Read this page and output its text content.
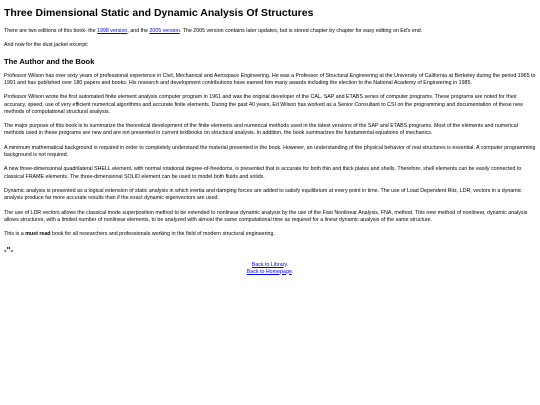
Three Dimensional Static and Dynamic Analysis Of Structures

There are two editions of this book- the 1998 version, and the 2005 version. The 2005 version contains later updates, but is stored chapter by chapter for easy editing on Ed's end.

And now for the dust jacket excerpt:

The Author and the Book

Professor Wilson has over sixty years of professional experience in Civil, Mechanical and Aerospace Engineering. He was a Professor of Structural Engineering at the University of California at Berkeley during the period 1965 to 1991 and has published over 180 papers and books. His research and development contributions have earned him many awards including the election to the National Academy of Engineering in 1985.

Professor Wilson wrote the first automated finite element analysis computer program in 1961 and was the original developer of the CAL, SAP and ETABS series of computer programs. These programs are noted for their accuracy, speed, use of very efficient numerical algorithms and accurate finite elements. During the past 40 years, Ed Wilson has worked as a Senior Consultant to CSI on the programming and documentation of these new methods of computational structural analysis.

The major purpose of this book is to summarize the theoretical development of the finite elements and numerical methods used in the latest versions of the SAP and ETABS programs. Most of the elements and numerical methods used in these programs are new and are not presented in current textbooks on structural analysis. In addition, the book summarizes the fundamental equations of mechanics.

A minimum mathematical background is required in order to completely understand the material presented in the book. However, an understanding of the physical behavior of real structures is essential. A computer programming background is not required.

A new three-dimensional quadrilateral SHELL element, with normal rotational degree-of-freedoms, is presented that is accurate for both thin and thick plates and shells. Therefore, shell elements can be easily connected to classical FRAME elements. The three-dimensional SOLID element can be used to model both fluids and solids.

Dynamic analysis is presented as a logical extension of static analysis in which inertia and damping forces are added to satisfy equilibrium at every point in time. The use of Load Dependent Ritz, LDR, vectors in a dynamic analysis produce far more accurate results than if the exact dynamic eigenvectors are used.

The use of LDR vectors allows the classical mode superposition method to be extended to nonlinear dynamic analysis by the use of the Fast Nonlinear Analysis, FNA, method. This new method of nonlinear, dynamic analysis allows structures, with a limited number of nonlinear elements, to be analyzed with almost the same computational time as required for a linear dynamic analysis of the same structure.

This is a must read book for all researchers and professionals working in the field of modern structural engineering.

-"-
Back to Library.
Back to Homepage.
